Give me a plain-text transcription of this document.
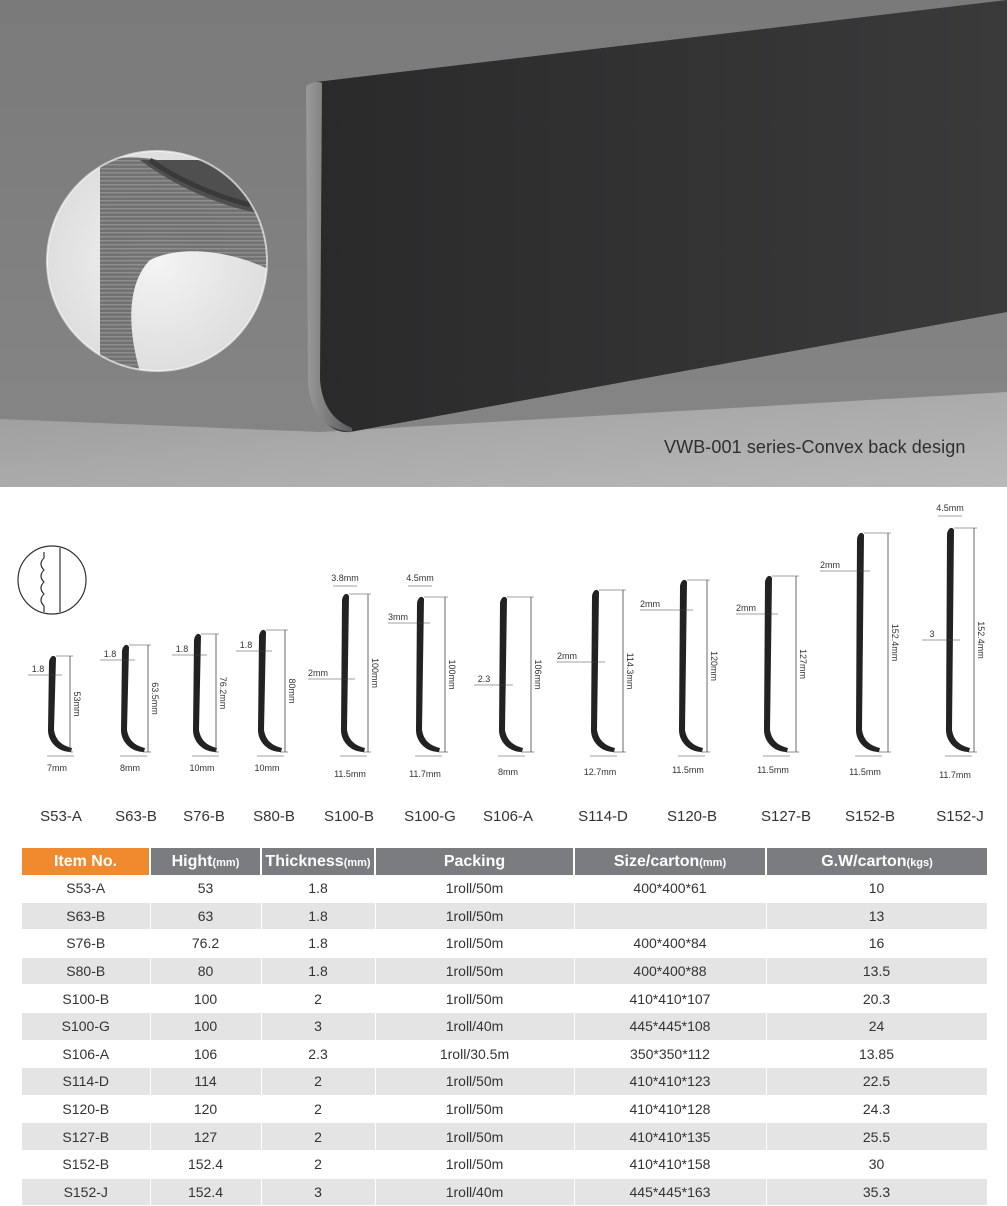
VWB-001 series-Convex back design
53mm
1.8
7mm
63.5mm
1.8
8mm
76.2mm
1.8
10mm
80mm
1.8
10mm
100mm
2mm
11.5mm
3.8mm
100mm
3mm
11.7mm
4.5mm
106mm
2.3
8mm
114.3mm
2mm
12.7mm
120mm
2mm
11.5mm
127mm
2mm
11.5mm
152.4mm
2mm
11.5mm
152.4mm
3
11.7mm
4.5mm
S53-A S63-B S76-B S80-B S100-B S100-G S106-A	S114-D	S120-B	S127-B S152-B	S152-J
Item No.	Hight(mm)	Thickness(mm)	Packing	Size/carton(mm)	G.W/carton(kgs)
S53-A	53	1.8	1roll/50m	400*400*61	10
S63-B	63	1.8	1roll/50m		13
S76-B	76.2	1.8	1roll/50m	400*400*84	16
S80-B	80	1.8	1roll/50m	400*400*88	13.5
S100-B	100	2	1roll/50m	410*410*107	20.3
S100-G	100	3	1roll/40m	445*445*108	24
S106-A	106	2.3	1roll/30.5m	350*350*112	13.85
S114-D	114	2	1roll/50m	410*410*123	22.5
S120-B	120	2	1roll/50m	410*410*128	24.3
S127-B	127	2	1roll/50m	410*410*135	25.5
S152-B	152.4	2	1roll/50m	410*410*158	30
S152-J	152.4	3	1roll/40m	445*445*163	35.3
